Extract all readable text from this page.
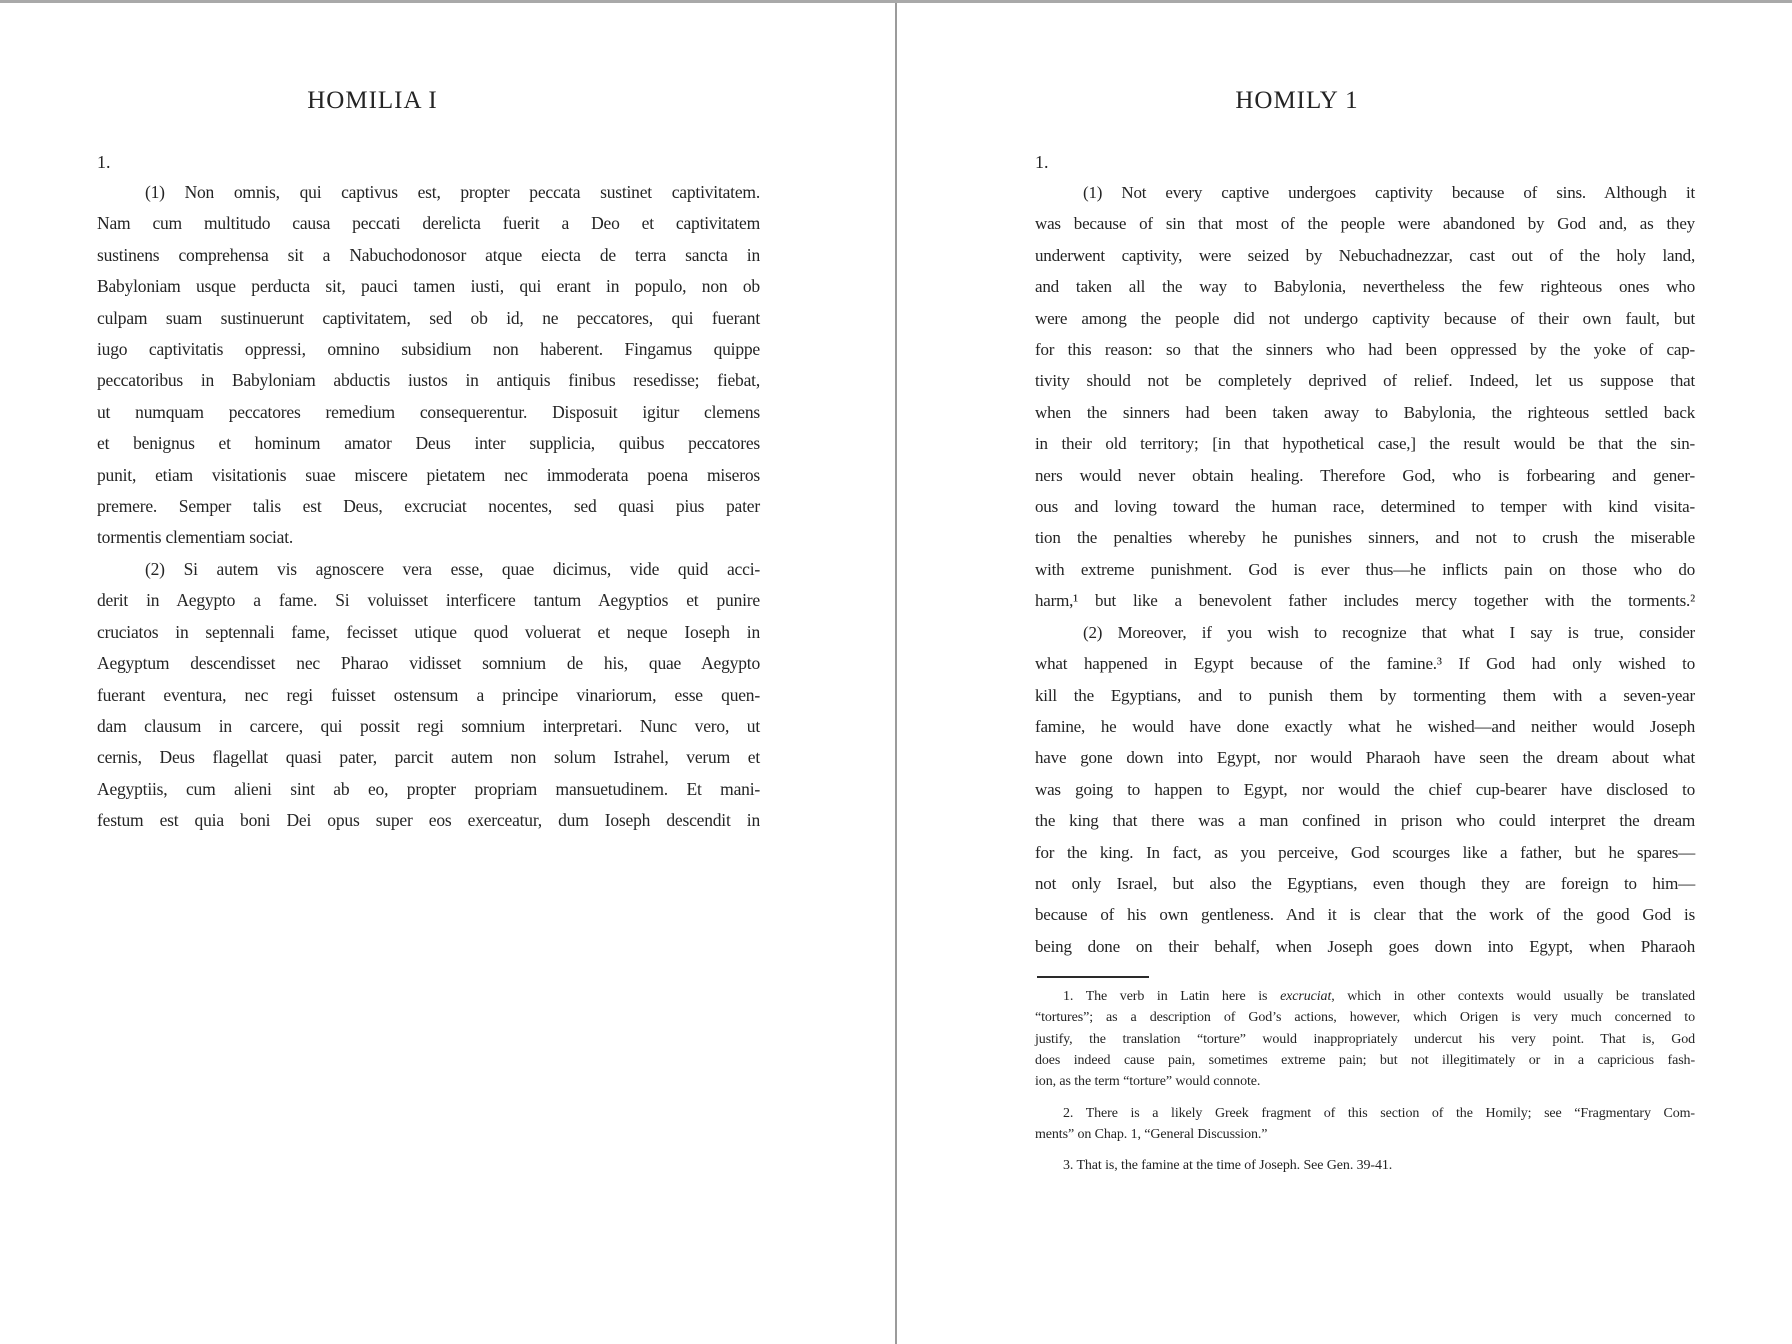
HOMILIA I
1.
(1) Non omnis, qui captivus est, propter peccata sustinet captivitatem.
Nam cum multitudo causa peccati derelicta fuerit a Deo et captivitatem
sustinens comprehensa sit a Nabuchodonosor atque eiecta de terra sancta in
Babyloniam usque perducta sit, pauci tamen iusti, qui erant in populo, non ob
culpam suam sustinuerunt captivitatem, sed ob id, ne peccatores, qui fuerant
iugo captivitatis oppressi, omnino subsidium non haberent. Fingamus quippe
peccatoribus in Babyloniam abductis iustos in antiquis finibus resedisse; fiebat,
ut numquam peccatores remedium consequerentur. Disposuit igitur clemens
et benignus et hominum amator Deus inter supplicia, quibus peccatores
punit, etiam visitationis suae miscere pietatem nec immoderata poena miseros
premere. Semper talis est Deus, excruciat nocentes, sed quasi pius pater
tormentis clementiam sociat.
(2) Si autem vis agnoscere vera esse, quae dicimus, vide quid acci-
derit in Aegypto a fame. Si voluisset interficere tantum Aegyptios et punire
cruciatos in septennali fame, fecisset utique quod voluerat et neque Ioseph in
Aegyptum descendisset nec Pharao vidisset somnium de his, quae Aegypto
fuerant eventura, nec regi fuisset ostensum a principe vinariorum, esse quen-
dam clausum in carcere, qui possit regi somnium interpretari. Nunc vero, ut
cernis, Deus flagellat quasi pater, parcit autem non solum Istrahel, verum et
Aegyptiis, cum alieni sint ab eo, propter propriam mansuetudinem. Et mani-
festum est quia boni Dei opus super eos exerceatur, dum Ioseph descendit in
HOMILY 1
1.
(1) Not every captive undergoes captivity because of sins. Although it
was because of sin that most of the people were abandoned by God and, as they
underwent captivity, were seized by Nebuchadnezzar, cast out of the holy land,
and taken all the way to Babylonia, nevertheless the few righteous ones who
were among the people did not undergo captivity because of their own fault, but
for this reason: so that the sinners who had been oppressed by the yoke of cap-
tivity should not be completely deprived of relief. Indeed, let us suppose that
when the sinners had been taken away to Babylonia, the righteous settled back
in their old territory; [in that hypothetical case,] the result would be that the sin-
ners would never obtain healing. Therefore God, who is forbearing and gener-
ous and loving toward the human race, determined to temper with kind visita-
tion the penalties whereby he punishes sinners, and not to crush the miserable
with extreme punishment. God is ever thus—he inflicts pain on those who do
harm,¹ but like a benevolent father includes mercy together with the torments.²
(2) Moreover, if you wish to recognize that what I say is true, consider
what happened in Egypt because of the famine.³ If God had only wished to
kill the Egyptians, and to punish them by tormenting them with a seven-year
famine, he would have done exactly what he wished—and neither would Joseph
have gone down into Egypt, nor would Pharaoh have seen the dream about what
was going to happen to Egypt, nor would the chief cup-bearer have disclosed to
the king that there was a man confined in prison who could interpret the dream
for the king. In fact, as you perceive, God scourges like a father, but he spares—
not only Israel, but also the Egyptians, even though they are foreign to him—
because of his own gentleness. And it is clear that the work of the good God is
being done on their behalf, when Joseph goes down into Egypt, when Pharaoh
1. The verb in Latin here is excruciat, which in other contexts would usually be translated
“tortures”; as a description of God’s actions, however, which Origen is very much concerned to
justify, the translation “torture” would inappropriately undercut his very point. That is, God
does indeed cause pain, sometimes extreme pain; but not illegitimately or in a capricious fash-
ion, as the term “torture” would connote.
2. There is a likely Greek fragment of this section of the Homily; see “Fragmentary Com-
ments” on Chap. 1, “General Discussion.”
3. That is, the famine at the time of Joseph. See Gen. 39-41.
